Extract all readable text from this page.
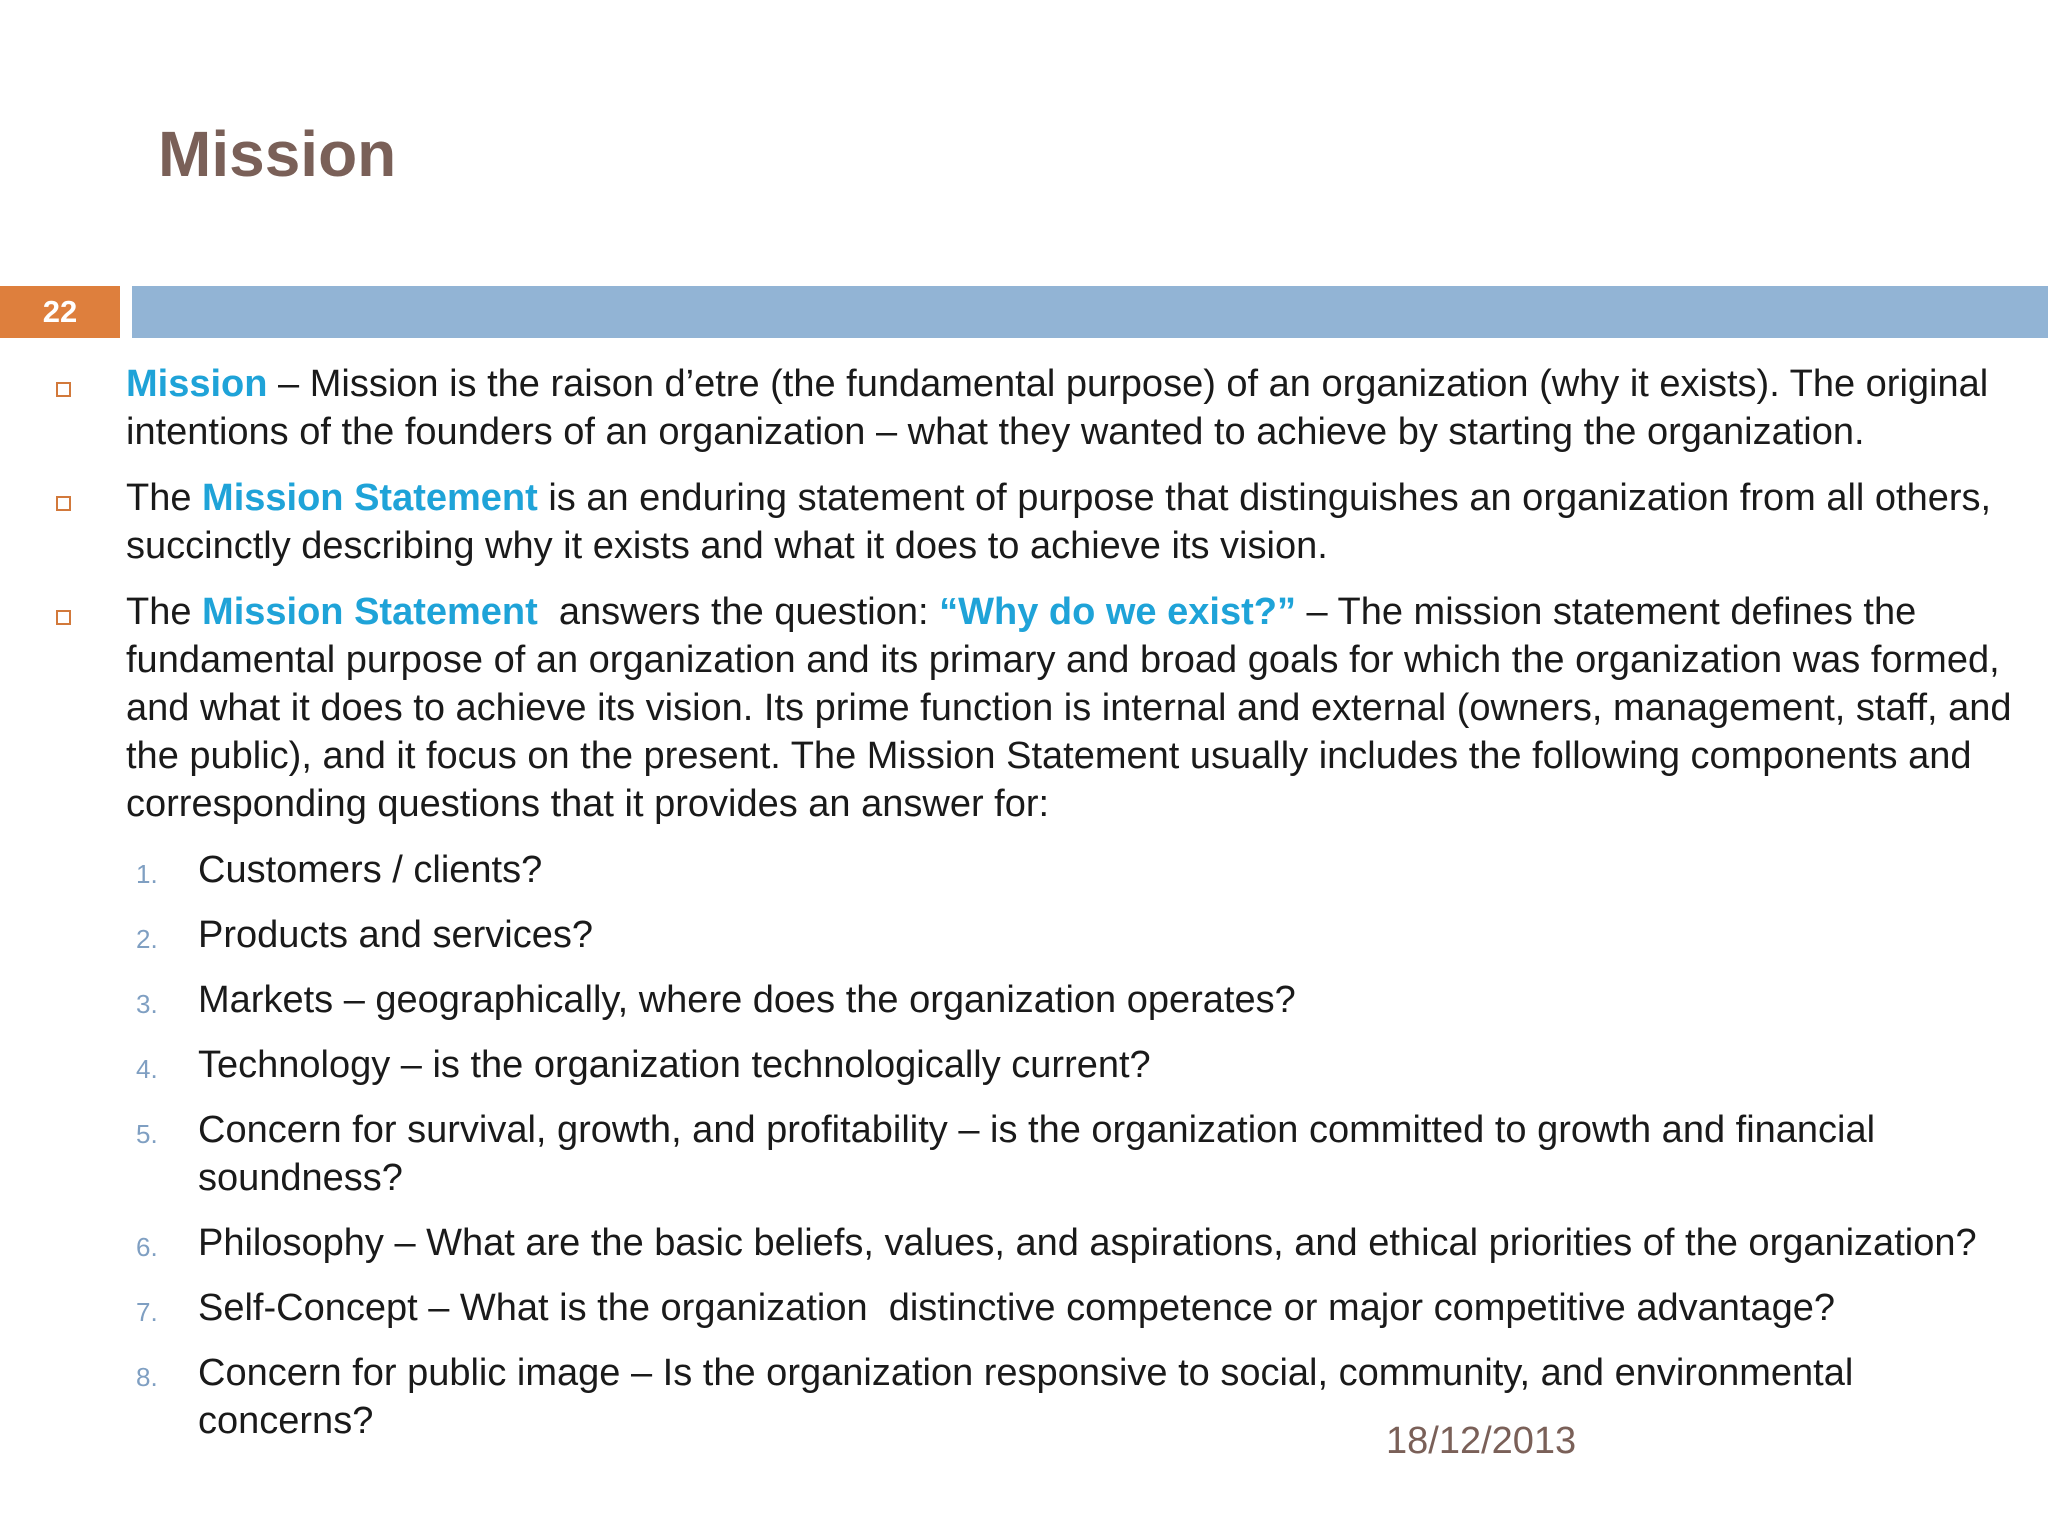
Mission
22
Mission – Mission is the raison d’etre (the fundamental purpose) of an organization (why it exists). The original intentions of the founders of an organization – what they wanted to achieve by starting the organization.
The Mission Statement is an enduring statement of purpose that distinguishes an organization from all others, succinctly describing why it exists and what it does to achieve its vision.
The Mission Statement  answers the question: “Why do we exist?” – The mission statement defines the fundamental purpose of an organization and its primary and broad goals for which the organization was formed, and what it does to achieve its vision. Its prime function is internal and external (owners, management, staff, and the public), and it focus on the present. The Mission Statement usually includes the following components and corresponding questions that it provides an answer for:
1. Customers / clients?
2. Products and services?
3. Markets – geographically, where does the organization operates?
4. Technology – is the organization technologically current?
5. Concern for survival, growth, and profitability – is the organization committed to growth and financial soundness?
6. Philosophy – What are the basic beliefs, values, and aspirations, and ethical priorities of the organization?
7. Self-Concept – What is the organization  distinctive competence or major competitive advantage?
8. Concern for public image – Is the organization responsive to social, community, and environmental concerns?	18/12/2013
